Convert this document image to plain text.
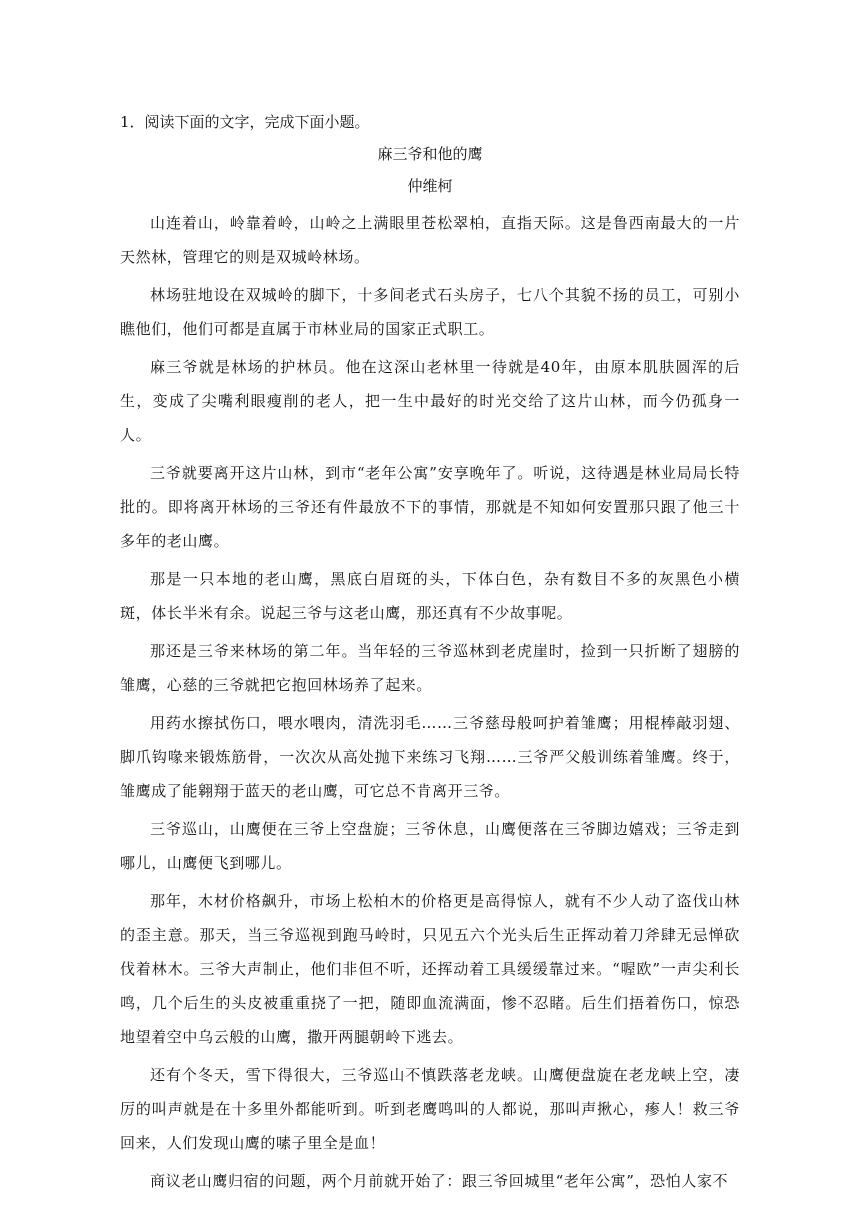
1．阅读下面的文字，完成下面小题。

麻三爷和他的鹰

仲维柯

山连着山，岭靠着岭，山岭之上满眼里苍松翠柏，直指天际。这是鲁西南最大的一片天然林，管理它的则是双城岭林场。

林场驻地设在双城岭的脚下，十多间老式石头房子，七八个其貌不扬的员工，可别小瞧他们，他们可都是直属于市林业局的国家正式职工。

麻三爷就是林场的护林员。他在这深山老林里一待就是40年，由原本肌肤圆浑的后生，变成了尖嘴利眼瘦削的老人，把一生中最好的时光交给了这片山林，而今仍孤身一人。

三爷就要离开这片山林，到市“老年公寓”安享晚年了。听说，这待遇是林业局局长特批的。即将离开林场的三爷还有件最放不下的事情，那就是不知如何安置那只跟了他三十多年的老山鹰。

那是一只本地的老山鹰，黑底白眉斑的头，下体白色，杂有数目不多的灰黑色小横斑，体长半米有余。说起三爷与这老山鹰，那还真有不少故事呢。

那还是三爷来林场的第二年。当年轻的三爷巡林到老虎崖时，捡到一只折断了翅膀的雏鹰，心慈的三爷就把它抱回林场养了起来。

用药水擦拭伤口，喂水喂肉，清洗羽毛……三爷慈母般呵护着雏鹰；用棍棒敲羽翅、脚爪钩喙来锻炼筋骨，一次次从高处抛下来练习飞翔……三爷严父般训练着雏鹰。终于，雏鹰成了能翱翔于蓝天的老山鹰，可它总不肯离开三爷。

三爷巡山，山鹰便在三爷上空盘旋；三爷休息，山鹰便落在三爷脚边嬉戏；三爷走到哪儿，山鹰便飞到哪儿。

那年，木材价格飙升，市场上松柏木的价格更是高得惊人，就有不少人动了盗伐山林的歪主意。那天，当三爷巡视到跑马岭时，只见五六个光头后生正挥动着刀斧肆无忌惮砍伐着林木。三爷大声制止，他们非但不听，还挥动着工具缓缓靠过来。“喔欧”一声尖利长鸣，几个后生的头皮被重重挠了一把，随即血流满面，惨不忍睹。后生们捂着伤口，惊恐地望着空中乌云般的山鹰，撒开两腿朝岭下逃去。

还有个冬天，雪下得很大，三爷巡山不慎跌落老龙峡。山鹰便盘旋在老龙峡上空，凄厉的叫声就是在十多里外都能听到。听到老鹰鸣叫的人都说，那叫声揪心，瘆人！救三爷回来，人们发现山鹰的嗉子里全是血！

商议老山鹰归宿的问题，两个月前就开始了：跟三爷回城里“老年公寓”，恐怕人家不
